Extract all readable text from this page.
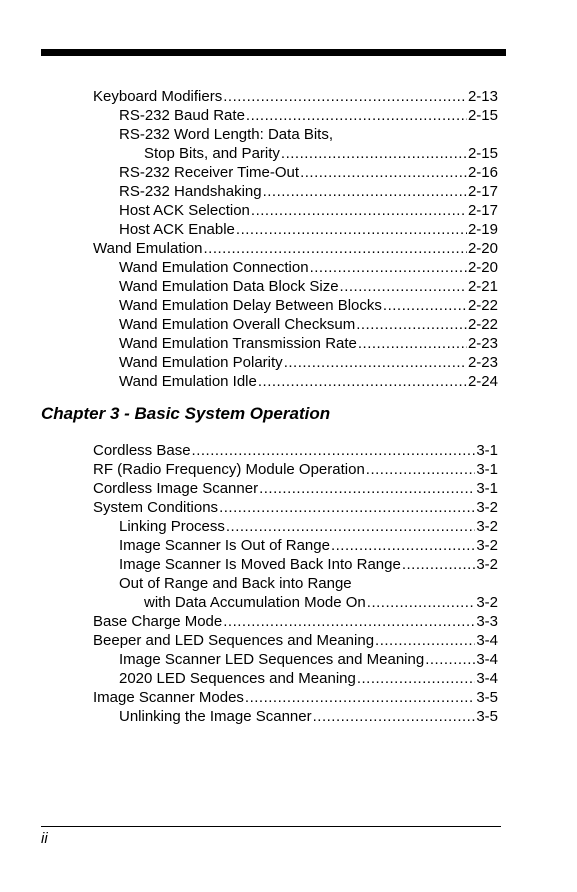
Keyboard Modifiers .....	2-13
RS-232 Baud Rate .....	2-15
RS-232 Word Length: Data Bits,
Stop Bits, and Parity .....	2-15
RS-232 Receiver Time-Out .....	2-16
RS-232 Handshaking .....	2-17
Host ACK Selection .....	2-17
Host ACK Enable .....	2-19
Wand Emulation .....	2-20
Wand Emulation Connection .....	2-20
Wand Emulation Data Block Size .....	2-21
Wand Emulation Delay Between Blocks .....	2-22
Wand Emulation Overall Checksum .....	2-22
Wand Emulation Transmission Rate .....	2-23
Wand Emulation Polarity .....	2-23
Wand Emulation Idle .....	2-24
Chapter 3 - Basic System Operation
Cordless Base .....	3-1
RF (Radio Frequency) Module Operation .....	3-1
Cordless Image Scanner .....	3-1
System Conditions .....	3-2
Linking Process .....	3-2
Image Scanner Is Out of Range .....	3-2
Image Scanner Is Moved Back Into Range .....	3-2
Out of Range and Back into Range
with Data Accumulation Mode On .....	3-2
Base Charge Mode .....	3-3
Beeper and LED Sequences and Meaning .....	3-4
Image Scanner LED Sequences and Meaning .....	3-4
2020 LED Sequences and Meaning .....	3-4
Image Scanner Modes .....	3-5
Unlinking the Image Scanner .....	3-5
ii
